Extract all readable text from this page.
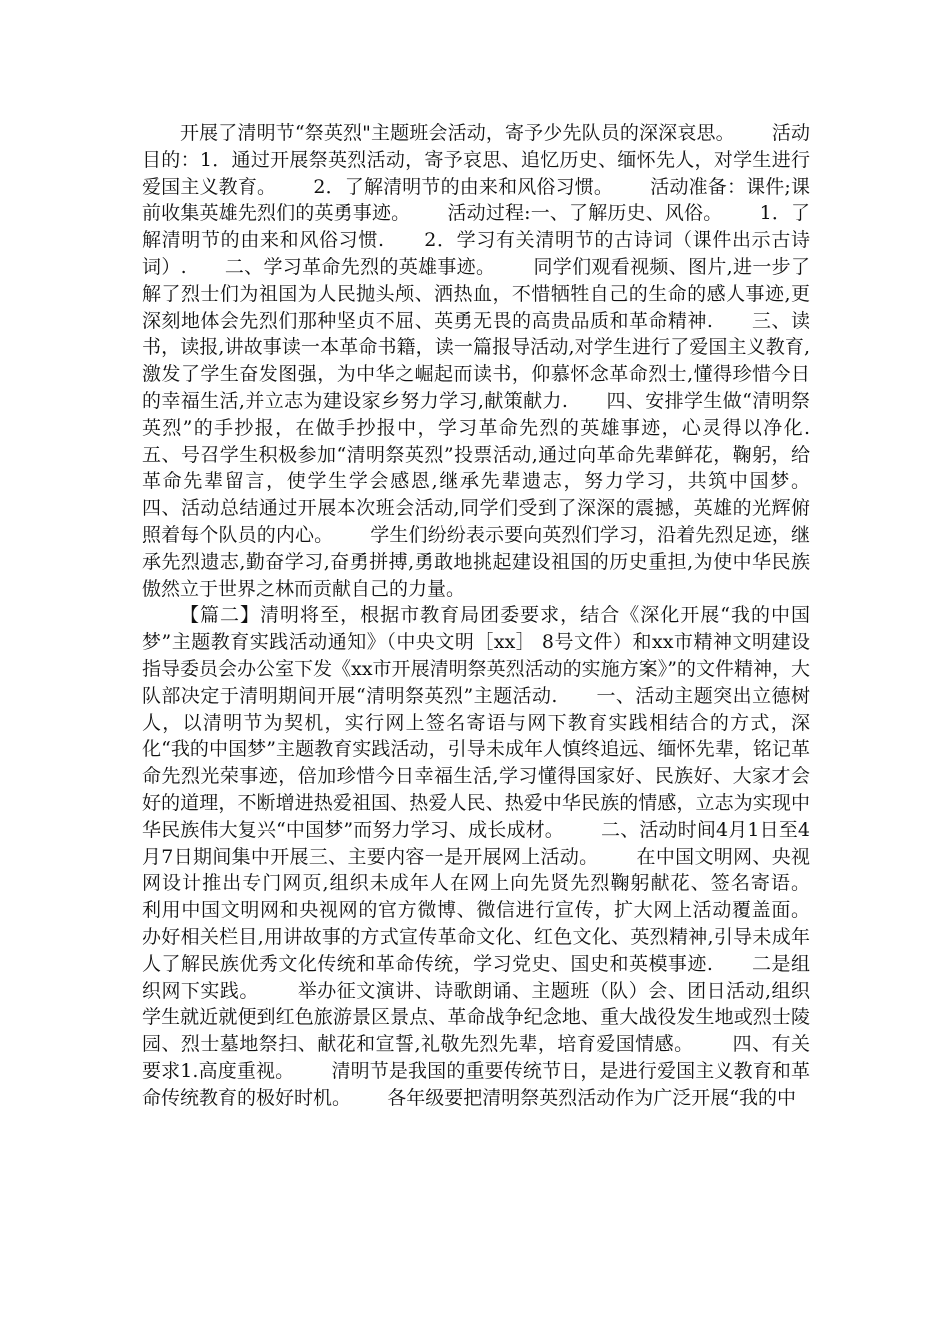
开展了清明节“祭英烈"主题班会活动，寄予少先队员的深深哀思。      活动目的：1．通过开展祭英烈活动，寄予哀思、追忆历史、缅怀先人，对学生进行爱国主义教育。      2．了解清明节的由来和风俗习惯。      活动准备：课件;课前收集英雄先烈们的英勇事迹。      活动过程:一、了解历史、风俗。      1．了解清明节的由来和风俗习惯.      2．学习有关清明节的古诗词（课件出示古诗词）.      二、学习革命先烈的英雄事迹。      同学们观看视频、图片,进一步了解了烈士们为祖国为人民抛头颅、洒热血，不惜牺牲自己的生命的感人事迹,更深刻地体会先烈们那种坚贞不屈、英勇无畏的高贵品质和革命精神.      三、读书，读报,讲故事读一本革命书籍，读一篇报导活动,对学生进行了爱国主义教育,激发了学生奋发图强，为中华之崛起而读书，仰慕怀念革命烈士,懂得珍惜今日的幸福生活,并立志为建设家乡努力学习,献策献力.      四、安排学生做“清明祭英烈”的手抄报，在做手抄报中，学习革命先烈的英雄事迹，心灵得以净化.      五、号召学生积极参加“清明祭英烈”投票活动,通过向革命先辈鲜花，鞠躬，给革命先辈留言，使学生学会感恩,继承先辈遗志，努力学习，共筑中国梦。      四、活动总结通过开展本次班会活动,同学们受到了深深的震撼，英雄的光辉俯照着每个队员的内心。      学生们纷纷表示要向英烈们学习，沿着先烈足迹，继承先烈遗志,勤奋学习,奋勇拼搏,勇敢地挑起建设祖国的历史重担,为使中华民族傲然立于世界之林而贡献自己的力量。

【篇二】清明将至，根据市教育局团委要求，结合《深化开展“我的中国梦”主题教育实践活动通知》（中央文明［xx］ 8号文件）和xx市精神文明建设指导委员会办公室下发《xx市开展清明祭英烈活动的实施方案》”的文件精神，大队部决定于清明期间开展“清明祭英烈”主题活动.      一、活动主题突出立德树人，以清明节为契机，实行网上签名寄语与网下教育实践相结合的方式，深化“我的中国梦”主题教育实践活动，引导未成年人慎终追远、缅怀先辈，铭记革命先烈光荣事迹，倍加珍惜今日幸福生活,学习懂得国家好、民族好、大家才会好的道理，不断增进热爱祖国、热爱人民、热爱中华民族的情感，立志为实现中华民族伟大复兴“中国梦”而努力学习、成长成材。      二、活动时间4月1日至4月7日期间集中开展三、主要内容一是开展网上活动。      在中国文明网、央视网设计推出专门网页,组织未成年人在网上向先贤先烈鞠躬献花、签名寄语。      利用中国文明网和央视网的官方微博、微信进行宣传，扩大网上活动覆盖面。      办好相关栏目,用讲故事的方式宣传革命文化、红色文化、英烈精神,引导未成年人了解民族优秀文化传统和革命传统，学习党史、国史和英模事迹.      二是组织网下实践。      举办征文演讲、诗歌朗诵、主题班（队）会、团日活动,组织学生就近就便到红色旅游景区景点、革命战争纪念地、重大战役发生地或烈士陵园、烈士墓地祭扫、献花和宣誓,礼敬先烈先辈，培育爱国情感。      四、有关要求1.高度重视。      清明节是我国的重要传统节日，是进行爱国主义教育和革命传统教育的极好时机。      各年级要把清明祭英烈活动作为广泛开展“我的中
